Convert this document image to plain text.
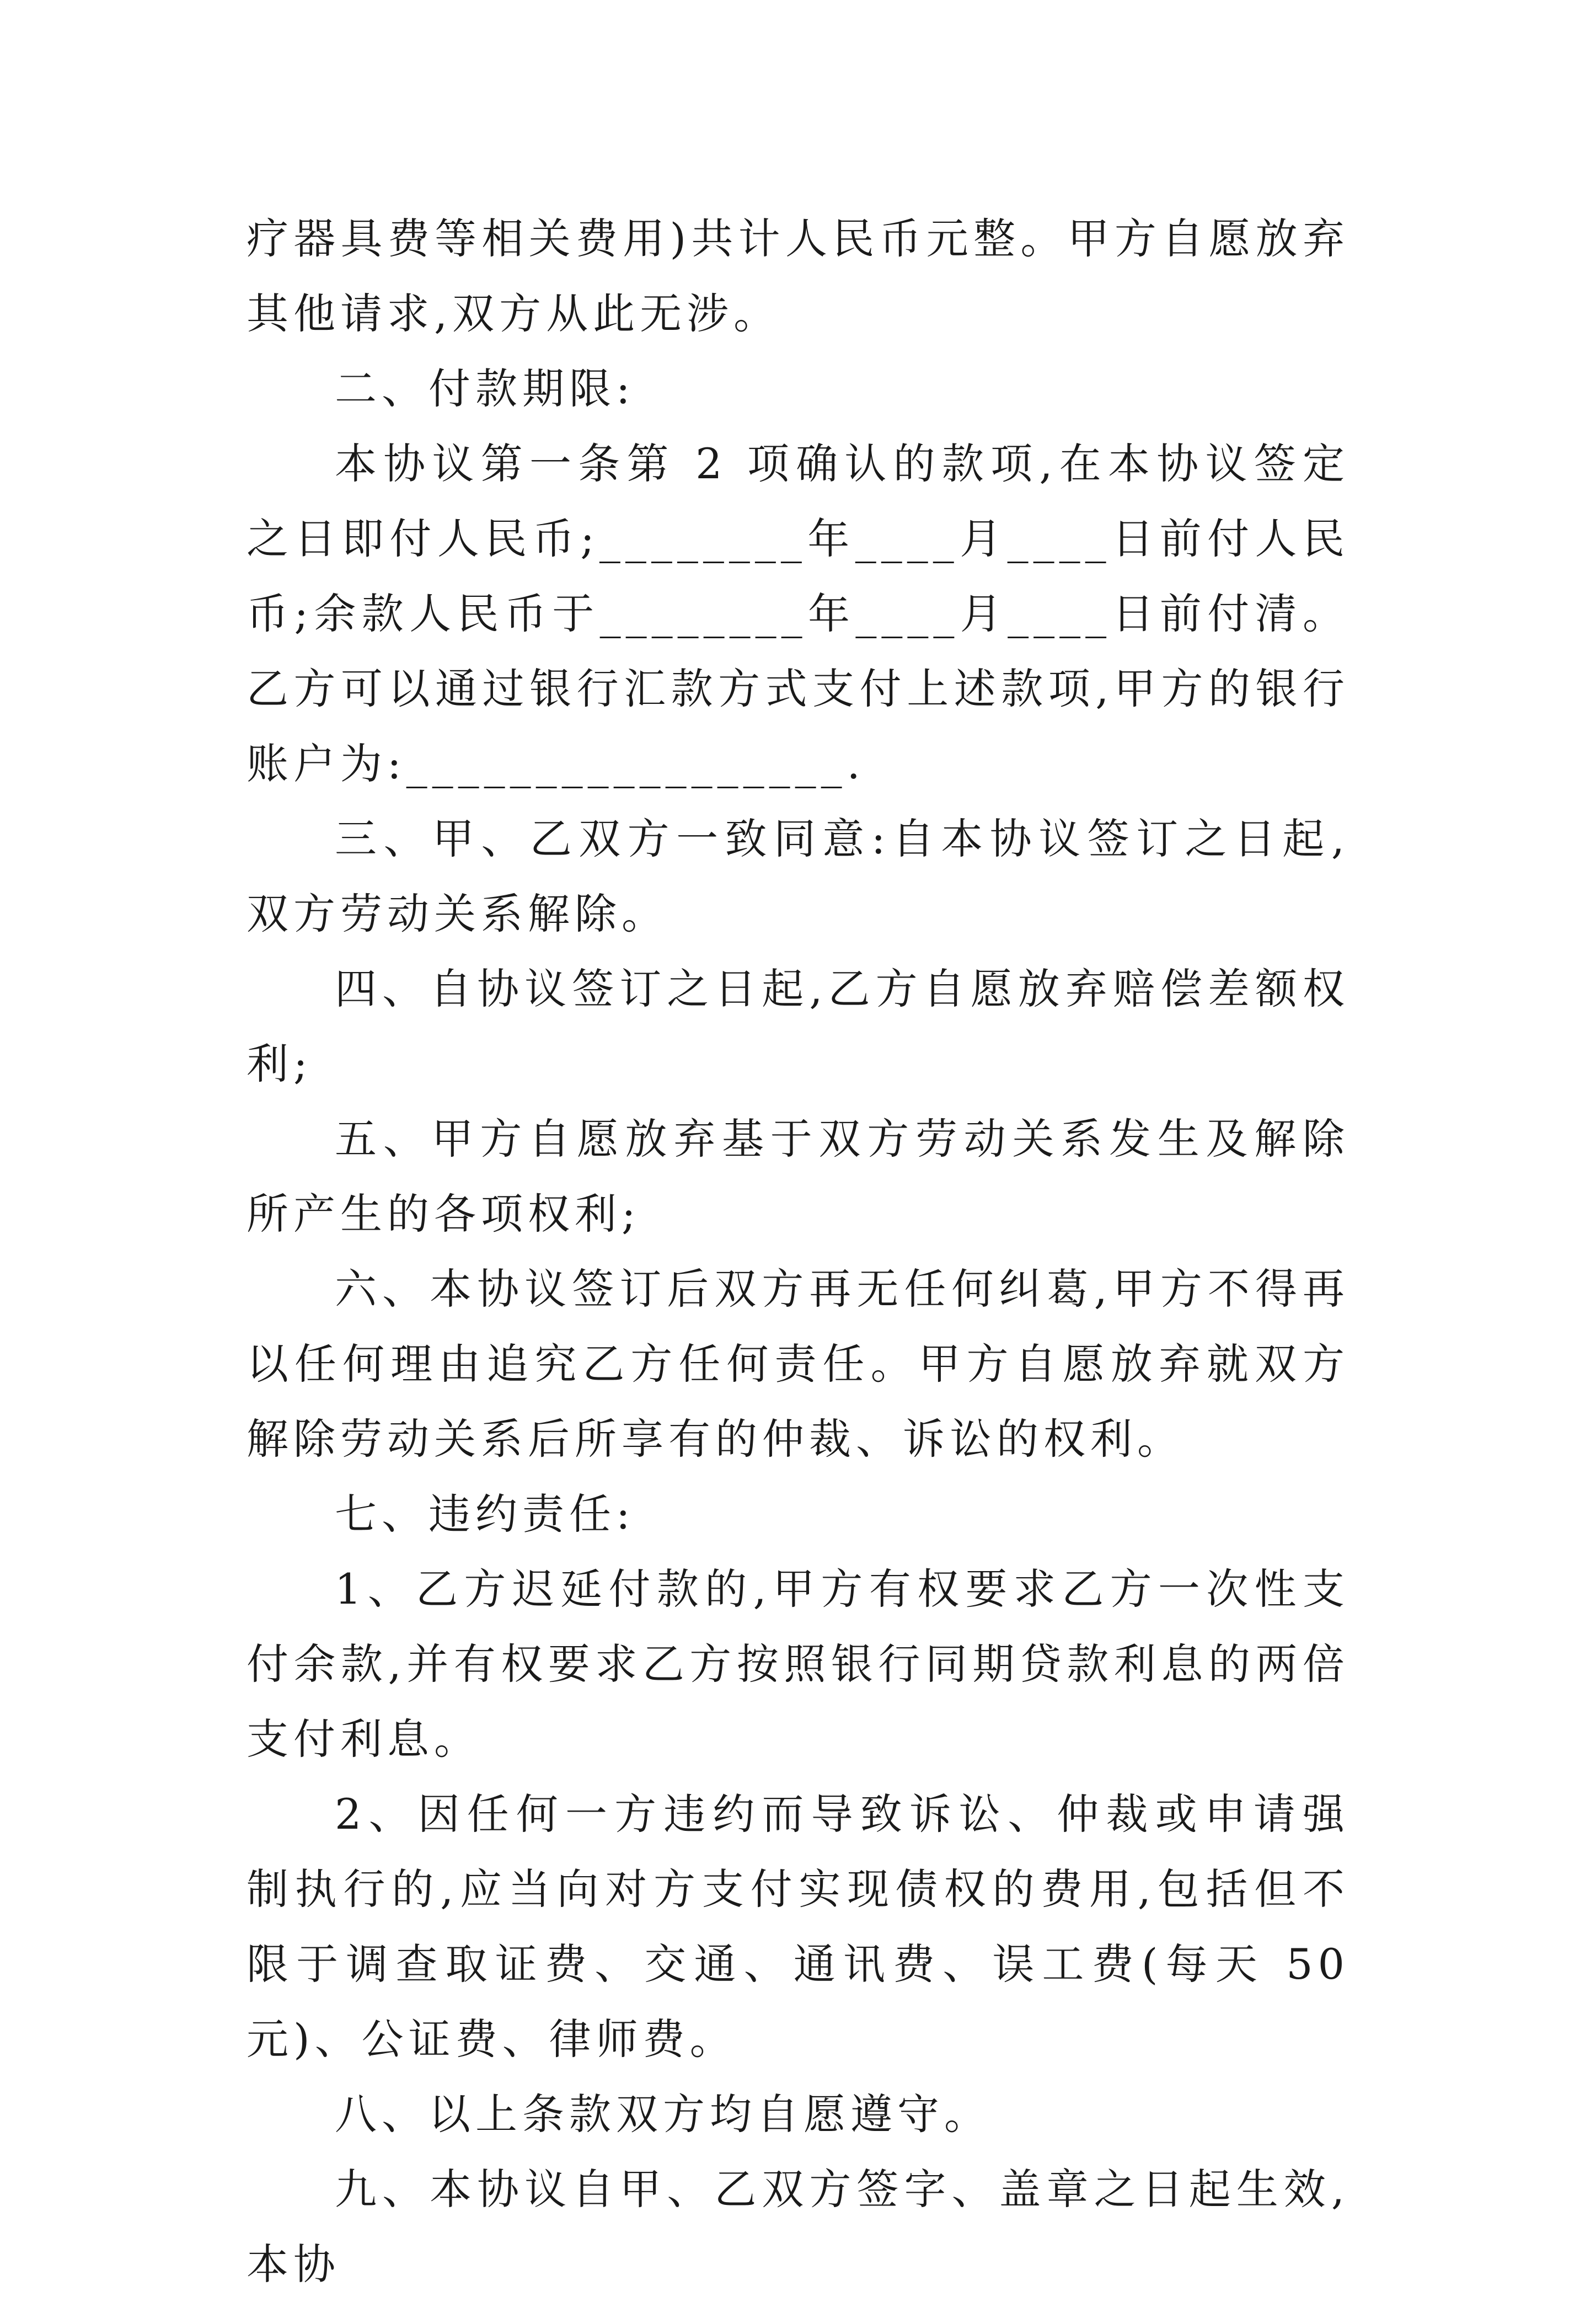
疗器具费等相关费用)共计人民币元整。甲方自愿放弃其他请求,双方从此无涉。

二、付款期限:

本协议第一条第 2 项确认的款项,在本协议签定之日即付人民币;________年____月____日前付人民币;余款人民币于________年____月____日前付清。乙方可以通过银行汇款方式支付上述款项,甲方的银行账户为:_________________.

三、甲、乙双方一致同意:自本协议签订之日起,双方劳动关系解除。

四、自协议签订之日起,乙方自愿放弃赔偿差额权利;

五、甲方自愿放弃基于双方劳动关系发生及解除所产生的各项权利;

六、本协议签订后双方再无任何纠葛,甲方不得再以任何理由追究乙方任何责任。甲方自愿放弃就双方解除劳动关系后所享有的仲裁、诉讼的权利。

七、违约责任:

1、乙方迟延付款的,甲方有权要求乙方一次性支付余款,并有权要求乙方按照银行同期贷款利息的两倍支付利息。

2、因任何一方违约而导致诉讼、仲裁或申请强制执行的,应当向对方支付实现债权的费用,包括但不限于调查取证费、交通、通讯费、误工费(每天 50 元)、公证费、律师费。

八、以上条款双方均自愿遵守。

九、本协议自甲、乙双方签字、盖章之日起生效,本协
